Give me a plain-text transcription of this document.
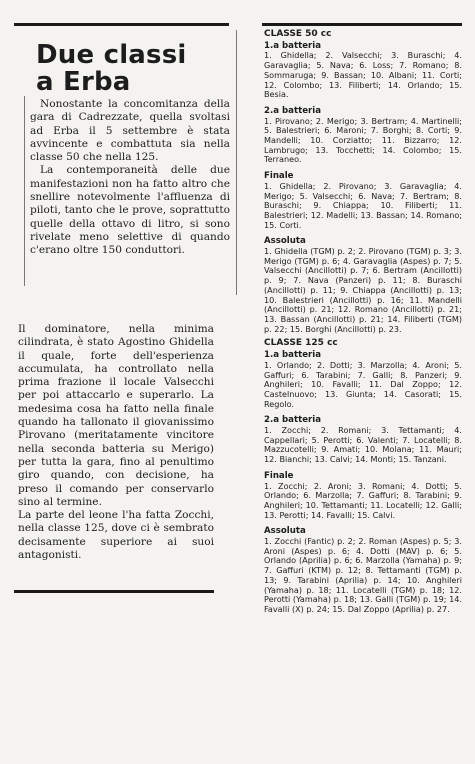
Due classi
a Erba

Nonostante la concomitanza della gara di Cadrezzate, quella svoltasi ad Erba il 5 settembre è stata avvincente e combattuta sia nella classe 50 che nella 125.

La contemporaneità delle due manifestazioni non ha fatto altro che snellire notevolmente l'affluenza di piloti, tanto che le prove, soprattutto quelle della ottavo di litro, si sono rivelate meno selettive di quando c'erano oltre 150 conduttori.

Il dominatore, nella minima cilindrata, è stato Agostino Ghidella il quale, forte dell'esperienza accumulata, ha controllato nella prima frazione il locale Valsecchi per poi attaccarlo e superarlo. La medesima cosa ha fatto nella finale quando ha tallonato il giovanissimo Pirovano (meritatamente vincitore nella seconda batteria su Merigo) per tutta la gara, fino al penultimo giro quando, con decisione, ha preso il comando per conservarlo sino al termine.

La parte del leone l'ha fatta Zocchi, nella classe 125, dove ci è sembrato decisamente superiore ai suoi antagonisti.

CLASSE 50 cc
1.a batteria

1. Ghidella; 2. Valsecchi; 3. Buraschi; 4. Garavaglia; 5. Nava; 6. Loss; 7. Romano; 8. Sommaruga; 9. Bassan; 10. Albani; 11. Corti; 12. Colombo; 13. Filiberti; 14. Orlando; 15. Besia.

2.a batteria

1. Pirovano; 2. Merigo; 3. Bertram; 4. Martinelli; 5. Balestrieri; 6. Maroni; 7. Borghi; 8. Corti; 9. Mandelli; 10. Corziatto; 11. Bizzarro; 12. Lambrugo; 13. Tocchetti; 14. Colombo; 15. Terraneo.

Finale

1. Ghidella; 2. Pirovano; 3. Garavaglia; 4. Merigo; 5. Valsecchi; 6. Nava; 7. Bertram; 8. Buraschi; 9. Chiappa; 10. Filiberti; 11. Balestrieri; 12. Madelli; 13. Bassan; 14. Romano; 15. Corti.

Assoluta

1. Ghidella (TGM) p. 2; 2. Pirovano (TGM) p. 3; 3. Merigo (TGM) p. 6; 4. Garavaglia (Aspes) p. 7; 5. Valsecchi (Ancillotti) p. 7; 6. Bertram (Ancillotti) p. 9; 7. Nava (Panzeri) p. 11; 8. Buraschi (Ancillotti) p. 11; 9. Chiappa (Ancillotti) p. 13; 10. Balestrieri (Ancillotti) p. 16; 11. Mandelli (Ancillotti) p. 21; 12. Romano (Ancillotti) p. 21; 13. Bassan (Ancillotti) p. 21; 14. Filiberti (TGM) p. 22; 15. Borghi (Ancillotti) p. 23.

CLASSE 125 cc
1.a batteria

1. Orlando; 2. Dotti; 3. Marzolla; 4. Aroni; 5. Gaffuri; 6. Tarabini; 7. Galli; 8. Panzeri; 9. Anghileri; 10. Favalli; 11. Dal Zoppo; 12. Castelnuovo; 13. Giunta; 14. Casorati; 15. Regolo.

2.a batteria

1. Zocchi; 2. Romani; 3. Tettamanti; 4. Cappellari; 5. Perotti; 6. Valenti; 7. Locatelli; 8. Mazzucotelli; 9. Amati; 10. Molana; 11. Mauri; 12. Bianchi; 13. Calvi; 14. Monti; 15. Tanzani.

Finale

1. Zocchi; 2. Aroni; 3. Romani; 4. Dotti; 5. Orlando; 6. Marzolla; 7. Gaffuri; 8. Tarabini; 9. Anghileri; 10. Tettamanti; 11. Locatelli; 12. Galli; 13. Perotti; 14. Favalli; 15. Calvi.

Assoluta

1. Zocchi (Fantic) p. 2; 2. Roman (Aspes) p. 5; 3. Aroni (Aspes) p. 6; 4. Dotti (MAV) p. 6; 5. Orlando (Aprilia) p. 6; 6. Marzolla (Yamaha) p. 9; 7. Gaffuri (KTM) p. 12; 8. Tettamanti (TGM) p. 13; 9. Tarabini (Aprilia) p. 14; 10. Anghileri (Yamaha) p. 18; 11. Locatelli (TGM) p. 18; 12. Perotti (Yamaha) p. 18; 13. Galli (TGM) p. 19; 14. Favalli (X) p. 24; 15. Dal Zoppo (Aprilia) p. 27.
